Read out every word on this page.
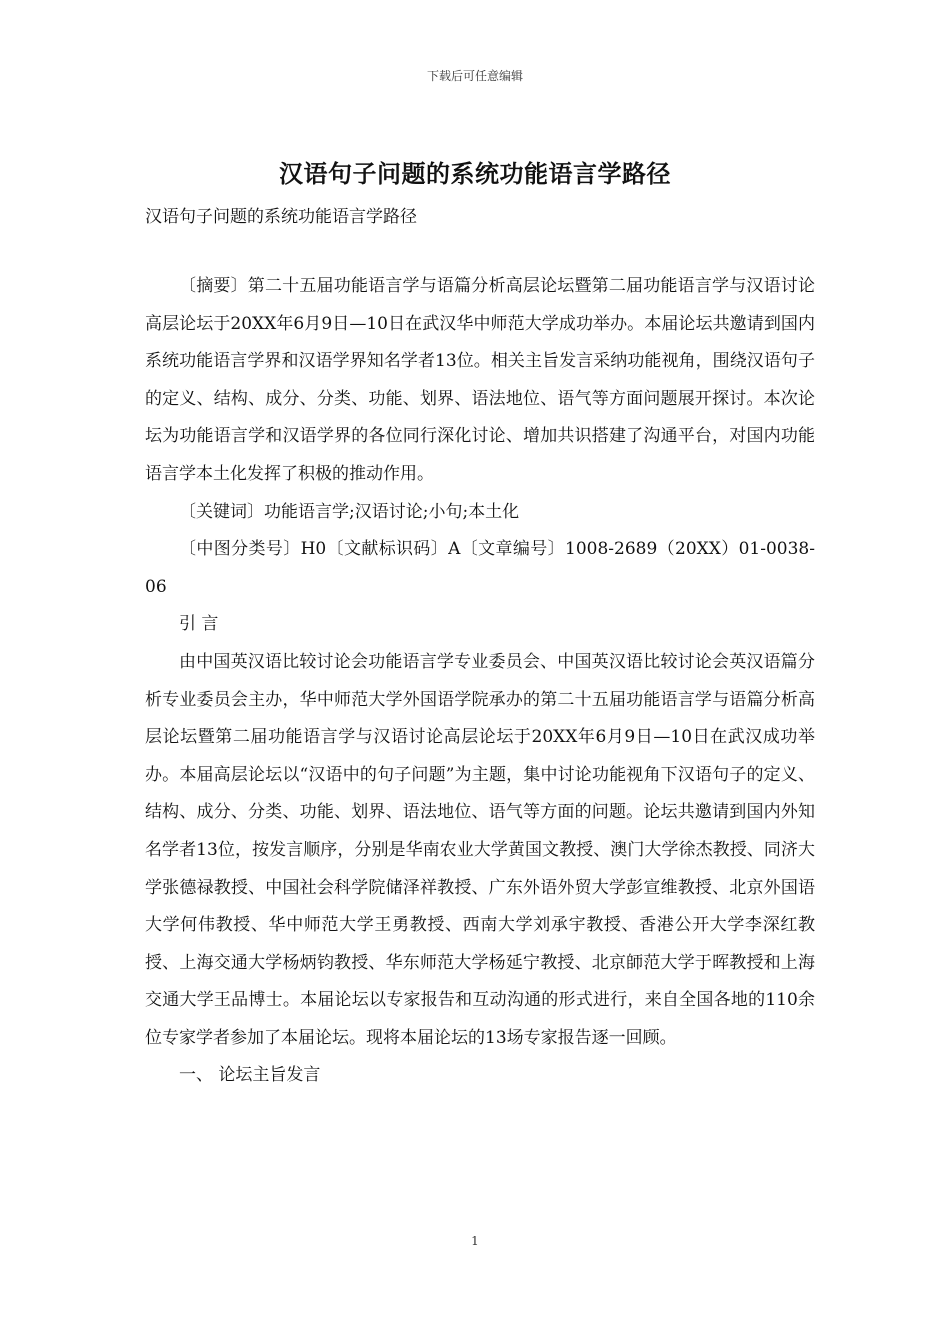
下载后可任意编辑
汉语句子问题的系统功能语言学路径
汉语句子问题的系统功能语言学路径

〔摘要〕第二十五届功能语言学与语篇分析高层论坛暨第二届功能语言学与汉语讨论高层论坛于20XX年6月9日—10日在武汉华中师范大学成功举办。本届论坛共邀请到国内系统功能语言学界和汉语学界知名学者13位。相关主旨发言采纳功能视角，围绕汉语句子的定义、结构、成分、分类、功能、划界、语法地位、语气等方面问题展开探讨。本次论坛为功能语言学和汉语学界的各位同行深化讨论、增加共识搭建了沟通平台，对国内功能语言学本土化发挥了积极的推动作用。

〔关键词〕功能语言学;汉语讨论;小句;本土化

〔中图分类号〕H0〔文献标识码〕A〔文章编号〕1008-2689（20XX）01-0038-06

引 言

由中国英汉语比较讨论会功能语言学专业委员会、中国英汉语比较讨论会英汉语篇分析专业委员会主办，华中师范大学外国语学院承办的第二十五届功能语言学与语篇分析高层论坛暨第二届功能语言学与汉语讨论高层论坛于20XX年6月9日—10日在武汉成功举办。本届高层论坛以“汉语中的句子问题”为主题，集中讨论功能视角下汉语句子的定义、结构、成分、分类、功能、划界、语法地位、语气等方面的问题。论坛共邀请到国内外知名学者13位，按发言顺序，分别是华南农业大学黄国文教授、澳门大学徐杰教授、同济大学张德禄教授、中国社会科学院储泽祥教授、广东外语外贸大学彭宣维教授、北京外国语大学何伟教授、华中师范大学王勇教授、西南大学刘承宇教授、香港公开大学李深红教授、上海交通大学杨炳钧教授、华东师范大学杨延宁教授、北京師范大学于晖教授和上海交通大学王品博士。本届论坛以专家报告和互动沟通的形式进行，来自全国各地的110余位专家学者参加了本届论坛。现将本届论坛的13场专家报告逐一回顾。

一、 论坛主旨发言

1
